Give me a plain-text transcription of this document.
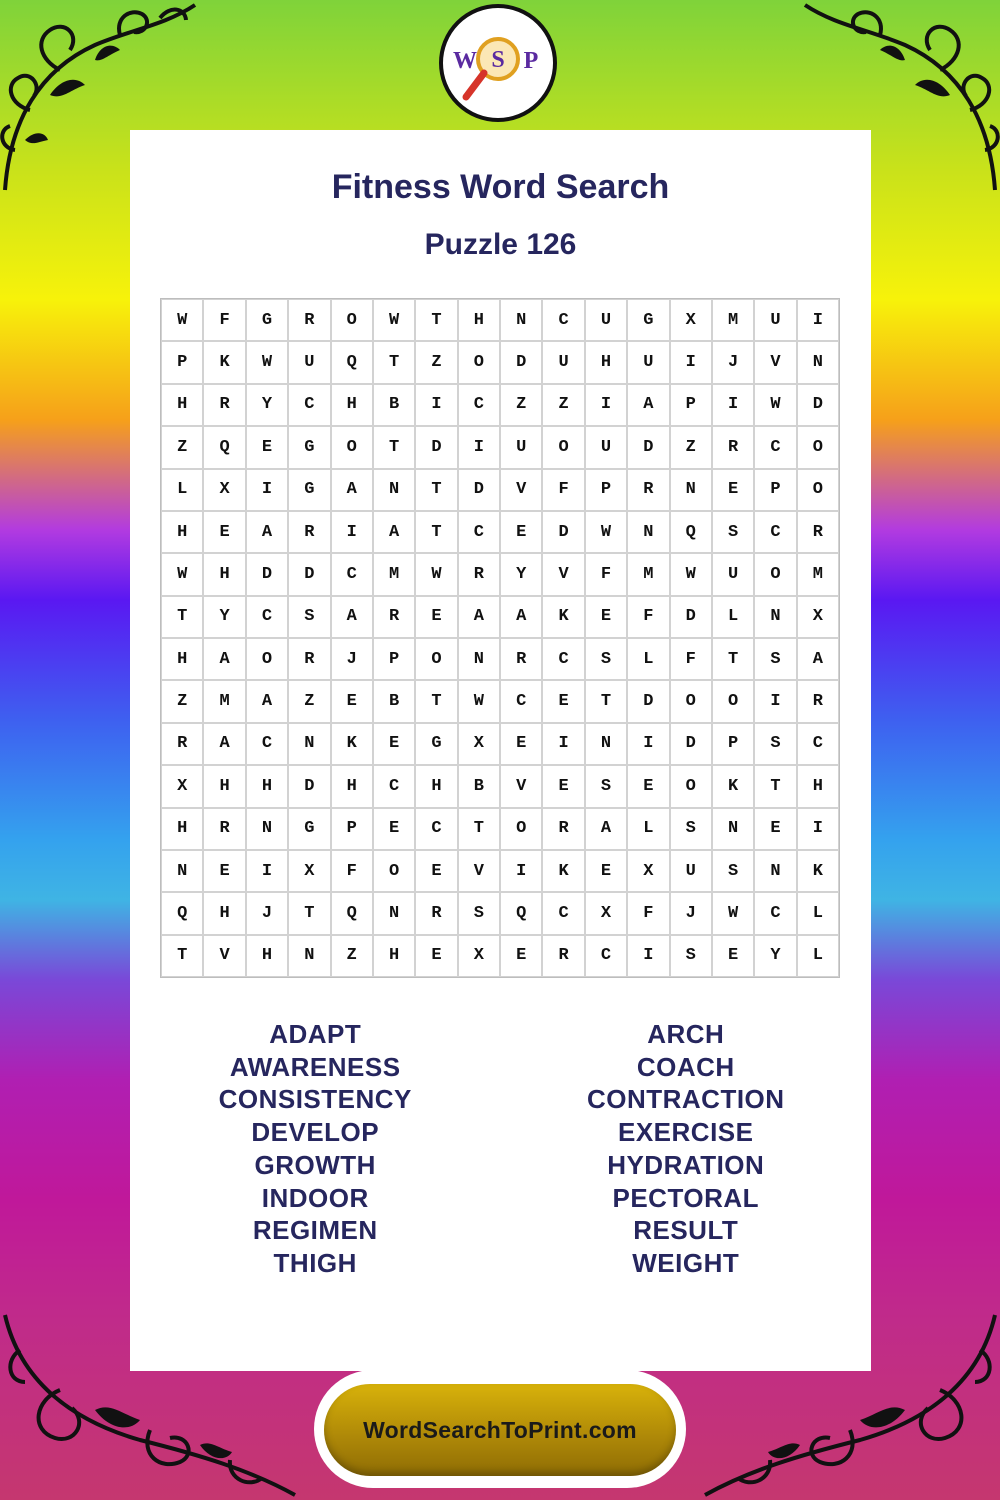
S
W P
Fitness Word Search
Puzzle 126
W	F	G	R	O	W	T	H	N	C	U	G	X	M	U	I
P	K	W	U	Q	T	Z	O	D	U	H	U	I	J	V	N
H	R	Y	C	H	B	I	C	Z	Z	I	A	P	I	W	D
Z	Q	E	G	O	T	D	I	U	O	U	D	Z	R	C	O
L	X	I	G	A	N	T	D	V	F	P	R	N	E	P	O
H	E	A	R	I	A	T	C	E	D	W	N	Q	S	C	R
W	H	D	D	C	M	W	R	Y	V	F	M	W	U	O	M
T	Y	C	S	A	R	E	A	A	K	E	F	D	L	N	X
H	A	O	R	J	P	O	N	R	C	S	L	F	T	S	A
Z	M	A	Z	E	B	T	W	C	E	T	D	O	O	I	R
R	A	C	N	K	E	G	X	E	I	N	I	D	P	S	C
X	H	H	D	H	C	H	B	V	E	S	E	O	K	T	H
H	R	N	G	P	E	C	T	O	R	A	L	S	N	E	I
N	E	I	X	F	O	E	V	I	K	E	X	U	S	N	K
Q	H	J	T	Q	N	R	S	Q	C	X	F	J	W	C	L
T	V	H	N	Z	H	E	X	E	R	C	I	S	E	Y	L
ADAPT
AWARENESS
CONSISTENCY
DEVELOP
GROWTH
INDOOR
REGIMEN
THIGH
ARCH
COACH
CONTRACTION
EXERCISE
HYDRATION
PECTORAL
RESULT
WEIGHT
WordSearchToPrint.com
